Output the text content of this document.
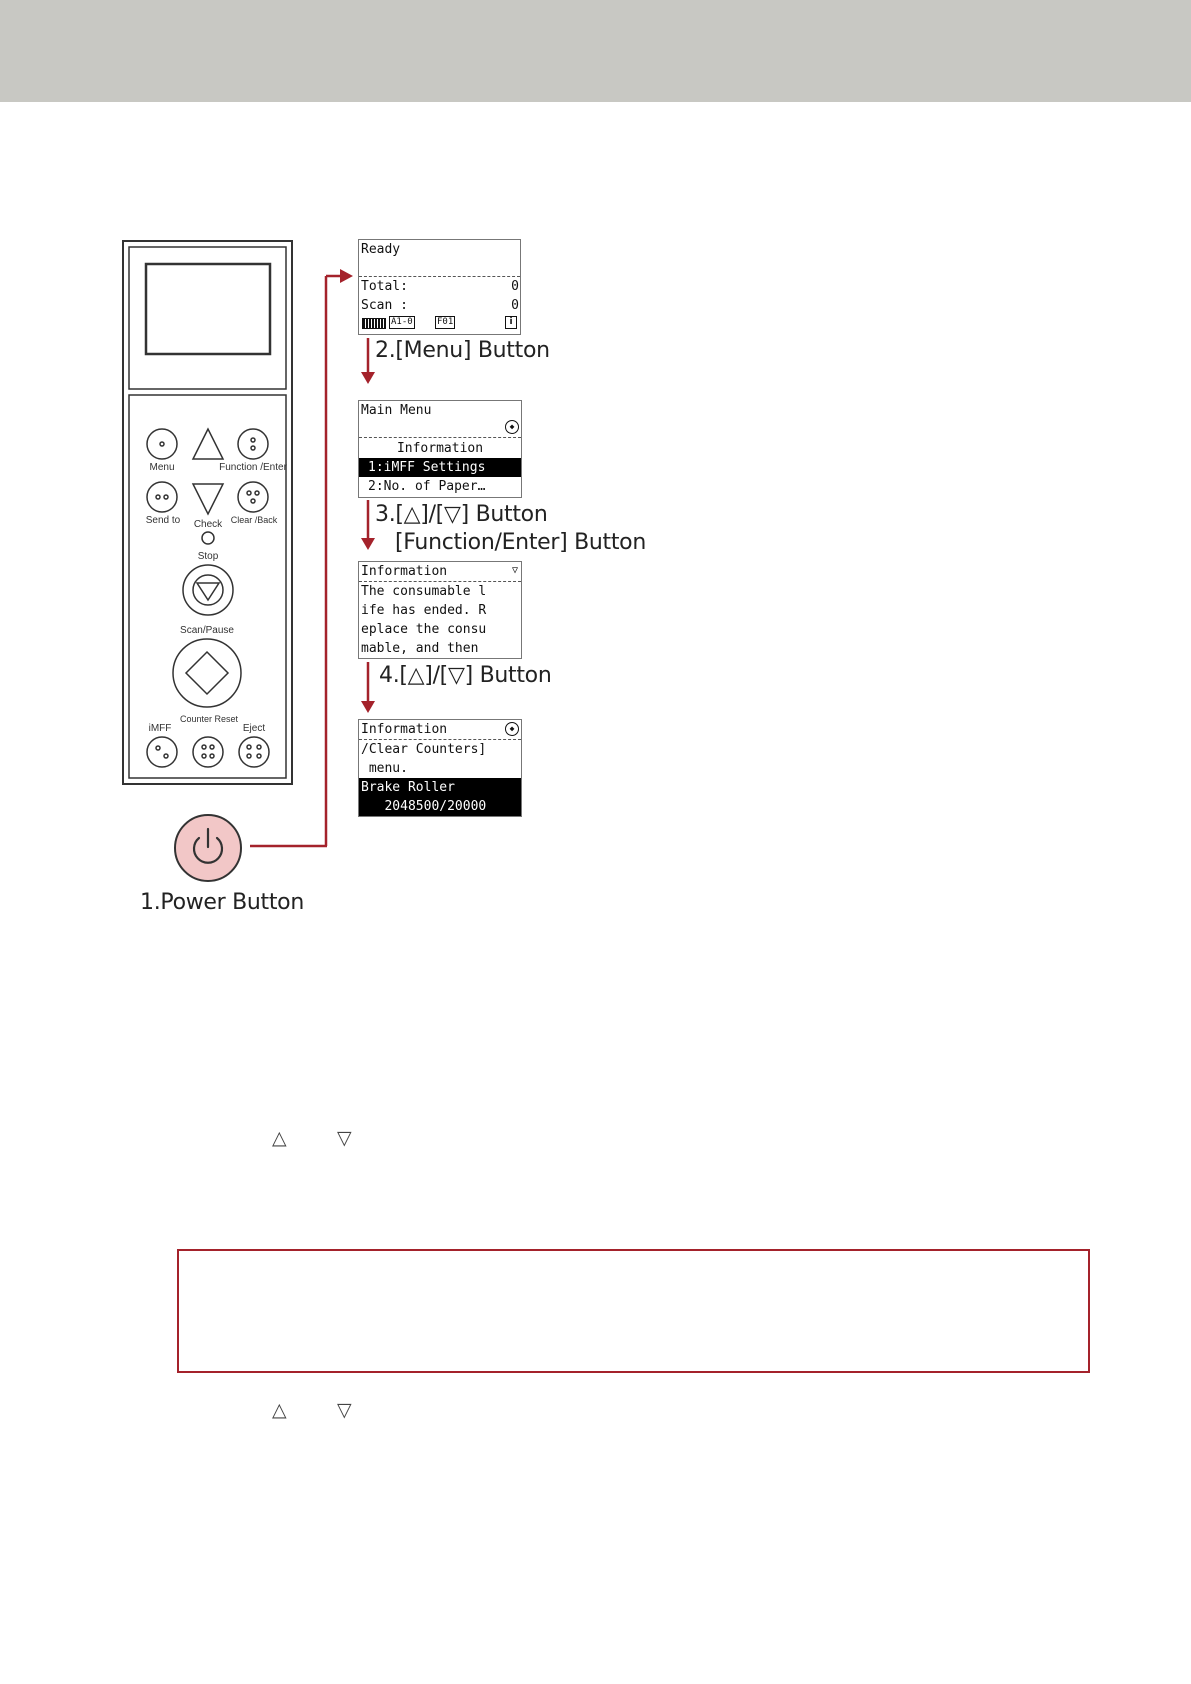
Menu	Function /Enter
Send to Check Clear /Back
Stop
Scan/Pause
iMFF
Counter Reset
Eject
Ready
Total:	0
Scan :	0
A1-0	F01	i
Main Menu
◆
Information
1:iMFF Settings
2:No. of Paper…
Information	▽
The consumable l
ife has ended. R
eplace the consu
mable, and then
Information	◆
/Clear Counters]
menu.
Brake Roller
2048500/20000
1.Power Button
2.[Menu] Button
3.[△]/[▽] Button
[Function/Enter] Button
4.[△]/[▽] Button
△	▽
△	▽
